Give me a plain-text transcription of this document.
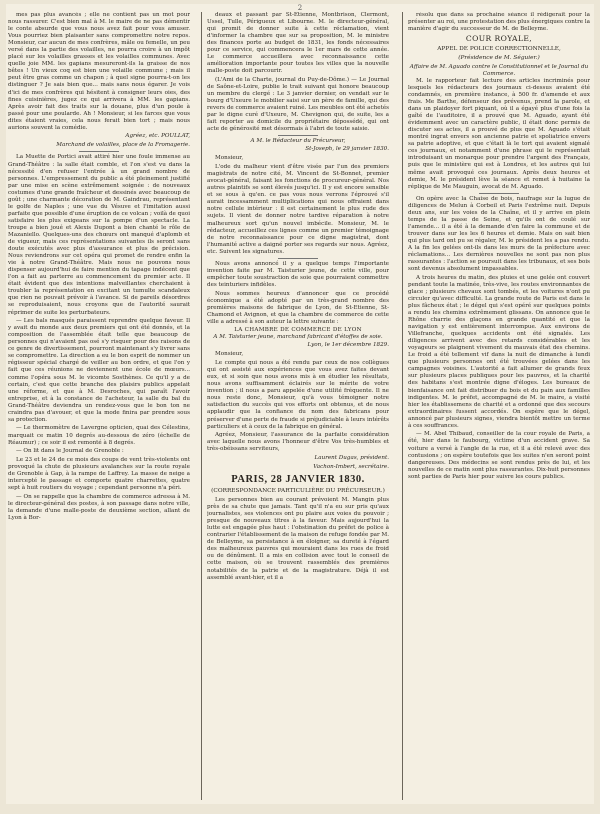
2

mes pas plus avancés ; elle ne contient pas un mot pour nous rassurer. C'est bien mal à M. le maire de ne pas démentir le conte absurde que vous nous avez fait pour vous amuser. Vous pourriez bien plaisanter sans compromettre notre repos. Monsieur, car aucun de mes confrères, mâle ou femelle, un peu versé dans la partie des volailles, ne pourra croire à un impôt placé sur les volailles grasses et les volailles communes. Avec quelle joie MM. les gapians mesureront-ils la graisse de nos bêtes ! Un vieux coq est bien une volaille commune ; mais il peut être gras comme un chapon ; à quel signe pourra-t-on les distinguer ? Je sais bien que... mais sans nous égarer. Je vois d'ici de mes confrères qui hésitent à consigner leurs oies, des fines cuisinières, jugez ce qui arrivera à MM. les gapians. Après avoir fait des traits sur la douane, plus d'un poule à passé pour une poularde. Ah ! Monsieur, si les farces que vous dites étaient vraies, cela nous ferait bien tort ; mais nous aurions souvent la comédie.

Agréez, etc. POULLAT,
Marchand de volailles, place de la Fromagerie.

La Muette de Portici avait attiré hier une foule immense au Grand-Théâtre : la salle était comble, et l'on s'est vu dans la nécessité d'en refuser l'entrée à un grand nombre de personnes. L'empressement du public a été pleinement justifié par une mise en scène extrêmement soignée : de nouveaux costumes d'une grande fraîcheur et dessinés avec beaucoup de goût ; une charmante décoration de M. Gaindrau, représentant le golfe de Naples ; une vue du Vésuve et l'imitation aussi parfaite que possible d'une éruption de ce volcan ; voilà de quoi satisfaire les plus exigeans sur la pompe d'un spectacle. La troupe a bien joué et Alexis Dupont a bien chanté le rôle de Mazaniello. Quelques-uns des chœurs ont manqué d'aplomb et de vigueur, mais ces représentations suivantes ils seront sans doute exécutés avec plus d'assurance et plus de précision. Nous reviendrons sur cet opéra qui promet de rendre enfin la vie à notre Grand-Théâtre. Mais nous ne pouvons nous dispenser aujourd'hui de faire mention du tapage indécent que l'on a fait au parterre au commencement du premier acte. Il était évident que des intentions malveillantes cherchaient à troubler la représentation en excitant un tumulte scandaleux que rien ne pouvait prévoir à l'avance. Si de pareils désordres se reproduisaient, nous croyons que de l'autorité saurait réprimer de suite les perturbateurs.

— Les bals masqués paraissent reprendre quelque faveur. Il y avait du monde aux deux premiers qui ont été donnés, et la composition de l'assemblée était telle que beaucoup de personnes qui n'avaient pas osé s'y risquer pour des raisons de ce genre de divertissement, pourront maintenant s'y livrer sans se compromettre. La direction a eu le bon esprit de nommer un régisseur spécial chargé de veiller au bon ordre, et que l'on y fait que ces réunions ne deviennent une école de mœurs... comme l'opéra sous M. le vicomte Sosthènes. Ce qu'il y a de certain, c'est que cette branche des plaisirs publics appelait une réforme, et que à M. Desroches, qui paraît l'avoir entreprise, et à la constance de l'acheteur, la salle du bal du Grand-Théâtre deviendra un rendez-vous que le bon ton ne craindra pas d'avouer, et que la mode finira par prendre sous sa protection.

— Le thermomètre de Lavergne opticien, quai des Célestins, marquait ce matin 10 degrés au-dessous de zéro (échelle de Réaumur) ; ce soir il est remonté à 8 degrés.

— On lit dans le Journal de Grenoble :

Le 23 et le 24 de ce mois des coups de vent très-violents ont provoqué la chute de plusieurs avalanches sur la route royale de Grenoble à Gap, à la rampe de Laffrey. La masse de neige a intercepté le passage et comporte quatre charrettes, quatre sept à huit routiers du voyage ; cependant personne n'a péri.

— On se rappelle que la chambre de commerce adressa à M. le directeur-général des postes, à son passage dans notre ville, la demande d'une malle-poste de deuxième section, allant de Lyon à Bor-

deaux et passant par St-Etienne, Montbrison, Clermont, Ussel, Tulle, Périgueux et Libourne. M. le directeur-général, qui promit de donner suite à cette réclamation, vient d'informer la chambre que sur sa proposition, M. le ministre des finances porte au budget de 1831, les fonds nécessaires pour ce service, qui commencera le 1er mars de cette année. Le commerce accueillera avec reconnaissance cette amélioration importante pour toutes les villes que la nouvelle malle-poste doit parcourir.

(L'Ami de la Charte, journal du Puy-de-Dôme.) — Le Journal de Saône-et-Loire, publie le trait suivant qui honore beaucoup un membre du clergé : Le 3 janvier dernier, on vendait sur le bourg d'Uxeure le mobilier saisi sur un père de famille, qui des revers de commerce avaient ruiné. Les meubles ont été achetés par le digne curé d'Uxeure, M. Chevignon qui, de suite, les a fait reporter au domicile du propriétaire dépossédé, qui ont acte de générosité met désormais à l'abri de toute saisie.

A M. le Rédacteur du Précurseur,
St-Joseph, le 29 janvier 1830.

Monsieur,

L'ode du malheur vient d'être visée par l'un des premiers magistrats de notre cité, M. Vincent de St-Bonnet, premier avocat-général, faisant les fonctions de procureur-général. Nos autres plaintifs se sont élevés jusqu'ici. Il y est encore sensible et se sous à qu'en. ce pas vous nous verrons l'éprouvé s'il aurait incessamment multiplications qui nous offraient dans notre cellule intérieur : il est certainement le plus rude des sujets. Il vient de donner notre tardive réparation à notre malheureux sort qu'un nouvel imbécile. Monsieur, M. le rédacteur, accueillez ces lignes comme un premier témoignage de notre reconnaissance pour ce digne magistrat, dont l'humanité active a daigné porter ses regards sur nous. Agréez, etc. Suivent les signatures.

Nous avons annoncé il y a quelque temps l'importante invention faite par M. Taisturier jeune, de cette ville, pour empêcher toute soustraction de soie que pourraient commettre des teinturiers infidèles.

Nous sommes heureux d'annoncer que ce procédé économique a été adopté par un très-grand nombre des premières maisons de fabrique de Lyon, de St-Etienne, St-Chamond et Avignon, et que la chambre de commerce de cette ville a adressé à son auteur la lettre suivante :

LA CHAMBRE DE COMMERCE DE LYON
A M. Taisturier jeune, marchand fabricant d'étoffes de soie.
Lyon, le 1er décembre 1829.

Monsieur,

Le compte qui nous a été rendu par ceux de nos collègues qui ont assisté aux expériences que vous avez faites devant eux, et si soin que nous avons mis à en étudier les résultats, nous avons suffisamment éclairés sur le mérite de votre invention ; il nous a paru appelée d'une utilité fréquente. Il ne nous reste donc, Monsieur, qu'à vous témoigner notre satisfaction du succès qui vos efforts ont obtenus, et de nous applaudir que la confiance du nom des fabricans pour préserver d'une perte de fraude si préjudiciable à leurs intérêts particuliers et à ceux de la fabrique en général.

Agréez, Monsieur, l'assurance de la parfaite considération avec laquelle nous avons l'honneur d'être Vos très-humbles et très-obéissans serviteurs,

Laurent Dugas, président.
Vachon-Imbert, secrétaire.
PARIS, 28 JANVIER 1830.
(CORRESPONDANCE PARTICULIÈRE DU PRÉCURSEUR.)

Les personnes bien au courant prévoient M. Mangin plus près de sa chute que jamais. Tant qu'il n'a eu sur pris qu'aux journalistes, ses violences ont pu plaire aux voies du pouvoir ; presque de nouveaux titres à la faveur. Mais aujourd'hui la lutte est engagée plus haut : l'obstination du préfet de police à contrarier l'établissement de la maison de refuge fondée par M. de Belleyme, sa persistance à en éloigner, sa dureté à l'égard des malheureux pauvres qui mouraient dans les rues de froid ou de dénûment. Il a mis en collision avec tout le conseil de cette maison, où se trouvent rassemblés des premières notabilités de la patrie et de la magistrature. Déjà il est assemblé avant-hier, et il a

résolu que dans sa prochaine séance il rédigerait pour la présenter au roi, une protestation des plus énergiques contre la manière d'agir du successeur de M. de Belleyme.

COUR ROYALE,
APPEL DE POLICE CORRECTIONNELLE,
(Présidence de M. Séguier.)
Affaire de M. Aguado contre le Constitutionnel et le Journal du Commerce.

M. le rapporteur fait lecture des articles incriminés pour lesquels les rédacteurs des journaux ci-dessus avaient été condamnés, en première instance, à 500 fr. d'amende et aux frais. Me Barthe, défenseur des prévenus, prend la parole, et dans un plaidoyer fort piquant, où il a égayé plus d'une fois la gaîté de l'auditoire, il a prouvé que M. Aguado, ayant été évidemment avec un caractère public, il était donc permis de discuter ses actes, il a prouvé de plus que M. Aguado s'était montré ingrat envers son ancienne patrie et spoliatrice envers sa patrie adoptive, et que c'était là le tort qui avaient signalé ces journaux, et notamment d'une phrase qui le représentait introduisant un monarque pour prendre l'argent des Français, puis que le ministère qui est à Londres, et les autres qui lui même avait provoqué ces journaux. Après deux heures et demie, M. le président lève la séance et remet à huitaine la réplique de Me Mauguin, avocat de M. Aguado.

On opère avec la Chaise de bois, naufrage sur la lugue de diligences de Melun à Corbeil et Paris l'extrême nuit. Depuis deux ans, sur les voies de la Chaîne, et il y arrive en plein temps de la passe de Seine, et qu'ils ont de coulé sur l'amende... il a été à la demande d'en faire la commune et de trouver dans sur les les 6 heures et demie. Mais on sait bien qui plus tard ont pu se régaler, M. le président les a pas rendu. A la fin les gelées ont-ils dans les murs de la préfecture avec réclamations... Les dernières nouvelles ne sont pas non plus rassurantes : l'action se poursuit dans les tribunaux, et ses bois sont devenus absolument impassables.

A trois heures du matin, des pluies et une gelée ont couvert pendant toute la matinée, très-vive, les routes environnantes de glace ; plusieurs chevaux sont tombés, et les voitures n'ont pu circuler qu'avec difficulté. La grande route de Paris est dans le plus fâcheux état ; le dégel qui s'est opéré sur quelques points a rendu les chemins extrêmement glissans. On annonce que le Rhône charrie des glaçons en grande quantité et que la navigation y est entièrement interrompue. Aux environs de Villefranche, quelques accidents ont été signalés. Les diligences arrivent avec des retards considérables et les voyageurs se plaignent vivement du mauvais état des chemins. Le froid a été tellement vif dans la nuit de dimanche à lundi que plusieurs personnes ont été trouvées gelées dans les campagnes voisines. L'autorité a fait allumer de grands feux sur plusieurs places publiques pour les pauvres, et la charité des habitans s'est montrée digne d'éloges. Les bureaux de bienfaisance ont fait distribuer du bois et du pain aux familles indigentes. M. le préfet, accompagné de M. le maire, a visité hier les établissemens de charité et a ordonné que des secours extraordinaires fussent accordés. On espère que le dégel, annoncé par plusieurs signes, viendra bientôt mettre un terme à ces souffrances.

— M. Abel Thibaud, conseiller de la cour royale de Paris, a été, hier dans le faubourg, victime d'un accident grave. Sa voiture a versé à l'angle de la rue, et il a été relevé avec des contusions ; on espère toutefois que les suites n'en seront point dangereuses. Des médecins se sont rendus près de lui, et les nouvelles de ce matin sont plus rassurantes. Dix-huit personnes sont parties de Paris hier pour suivre les cours publics.
